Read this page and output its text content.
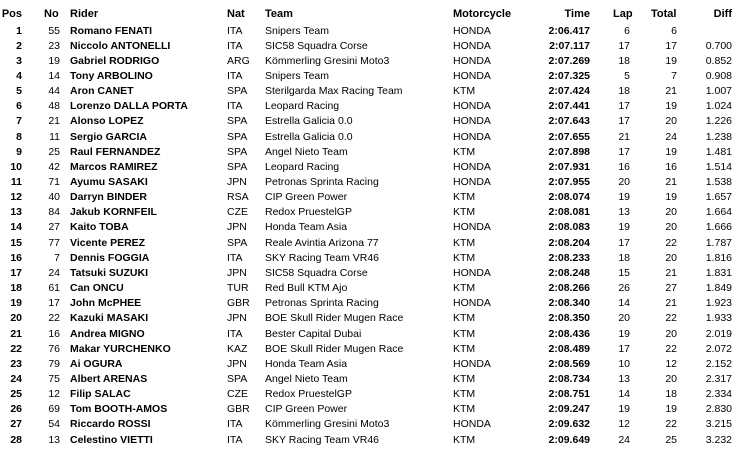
Pos No Rider	Nat Team	Motorcycle	Time Lap Total	Diff
1	55 Romano FENATI	ITA Snipers Team	HONDA	2:06.417	6	6
2	23 Niccolo ANTONELLI	ITA SIC58 Squadra Corse	HONDA	2:07.117	17	17	0.700
3	19 Gabriel RODRIGO	ARG Kömmerling Gresini Moto3	HONDA	2:07.269	18	19	0.852
4	14 Tony ARBOLINO	ITA Snipers Team	HONDA	2:07.325	5	7	0.908
5	44 Aron CANET	SPA Sterilgarda Max Racing Team	KTM	2:07.424	18	21	1.007
6	48 Lorenzo DALLA PORTA	ITA Leopard Racing	HONDA	2:07.441	17	19	1.024
7	21 Alonso LOPEZ	SPA Estrella Galicia 0.0	HONDA	2:07.643	17	20	1.226
8	11 Sergio GARCIA	SPA Estrella Galicia 0.0	HONDA	2:07.655	21	24	1.238
9	25 Raul FERNANDEZ	SPA Angel Nieto Team	KTM	2:07.898	17	19	1.481
10	42 Marcos RAMIREZ	SPA Leopard Racing	HONDA	2:07.931	16	16	1.514
11	71 Ayumu SASAKI	JPN Petronas Sprinta Racing	HONDA	2:07.955	20	21	1.538
12	40 Darryn BINDER	RSA CIP Green Power	KTM	2:08.074	19	19	1.657
13	84 Jakub KORNFEIL	CZE Redox PruestelGP	KTM	2:08.081	13	20	1.664
14	27 Kaito TOBA	JPN Honda Team Asia	HONDA	2:08.083	19	20	1.666
15	77 Vicente PEREZ	SPA Reale Avintia Arizona 77	KTM	2:08.204	17	22	1.787
16	7 Dennis FOGGIA	ITA SKY Racing Team VR46	KTM	2:08.233	18	20	1.816
17	24 Tatsuki SUZUKI	JPN SIC58 Squadra Corse	HONDA	2:08.248	15	21	1.831
18	61 Can ONCU	TUR Red Bull KTM Ajo	KTM	2:08.266	26	27	1.849
19	17 John McPHEE	GBR Petronas Sprinta Racing	HONDA	2:08.340	14	21	1.923
20	22 Kazuki MASAKI	JPN BOE Skull Rider Mugen Race	KTM	2:08.350	20	22	1.933
21	16 Andrea MIGNO	ITA Bester Capital Dubai	KTM	2:08.436	19	20	2.019
22	76 Makar YURCHENKO	KAZ BOE Skull Rider Mugen Race	KTM	2:08.489	17	22	2.072
23	79 Ai OGURA	JPN Honda Team Asia	HONDA	2:08.569	10	12	2.152
24	75 Albert ARENAS	SPA Angel Nieto Team	KTM	2:08.734	13	20	2.317
25	12 Filip SALAC	CZE Redox PruestelGP	KTM	2:08.751	14	18	2.334
26	69 Tom BOOTH-AMOS	GBR CIP Green Power	KTM	2:09.247	19	19	2.830
27	54 Riccardo ROSSI	ITA Kömmerling Gresini Moto3	HONDA	2:09.632	12	22	3.215
28	13 Celestino VIETTI	ITA SKY Racing Team VR46	KTM	2:09.649	24	25	3.232
